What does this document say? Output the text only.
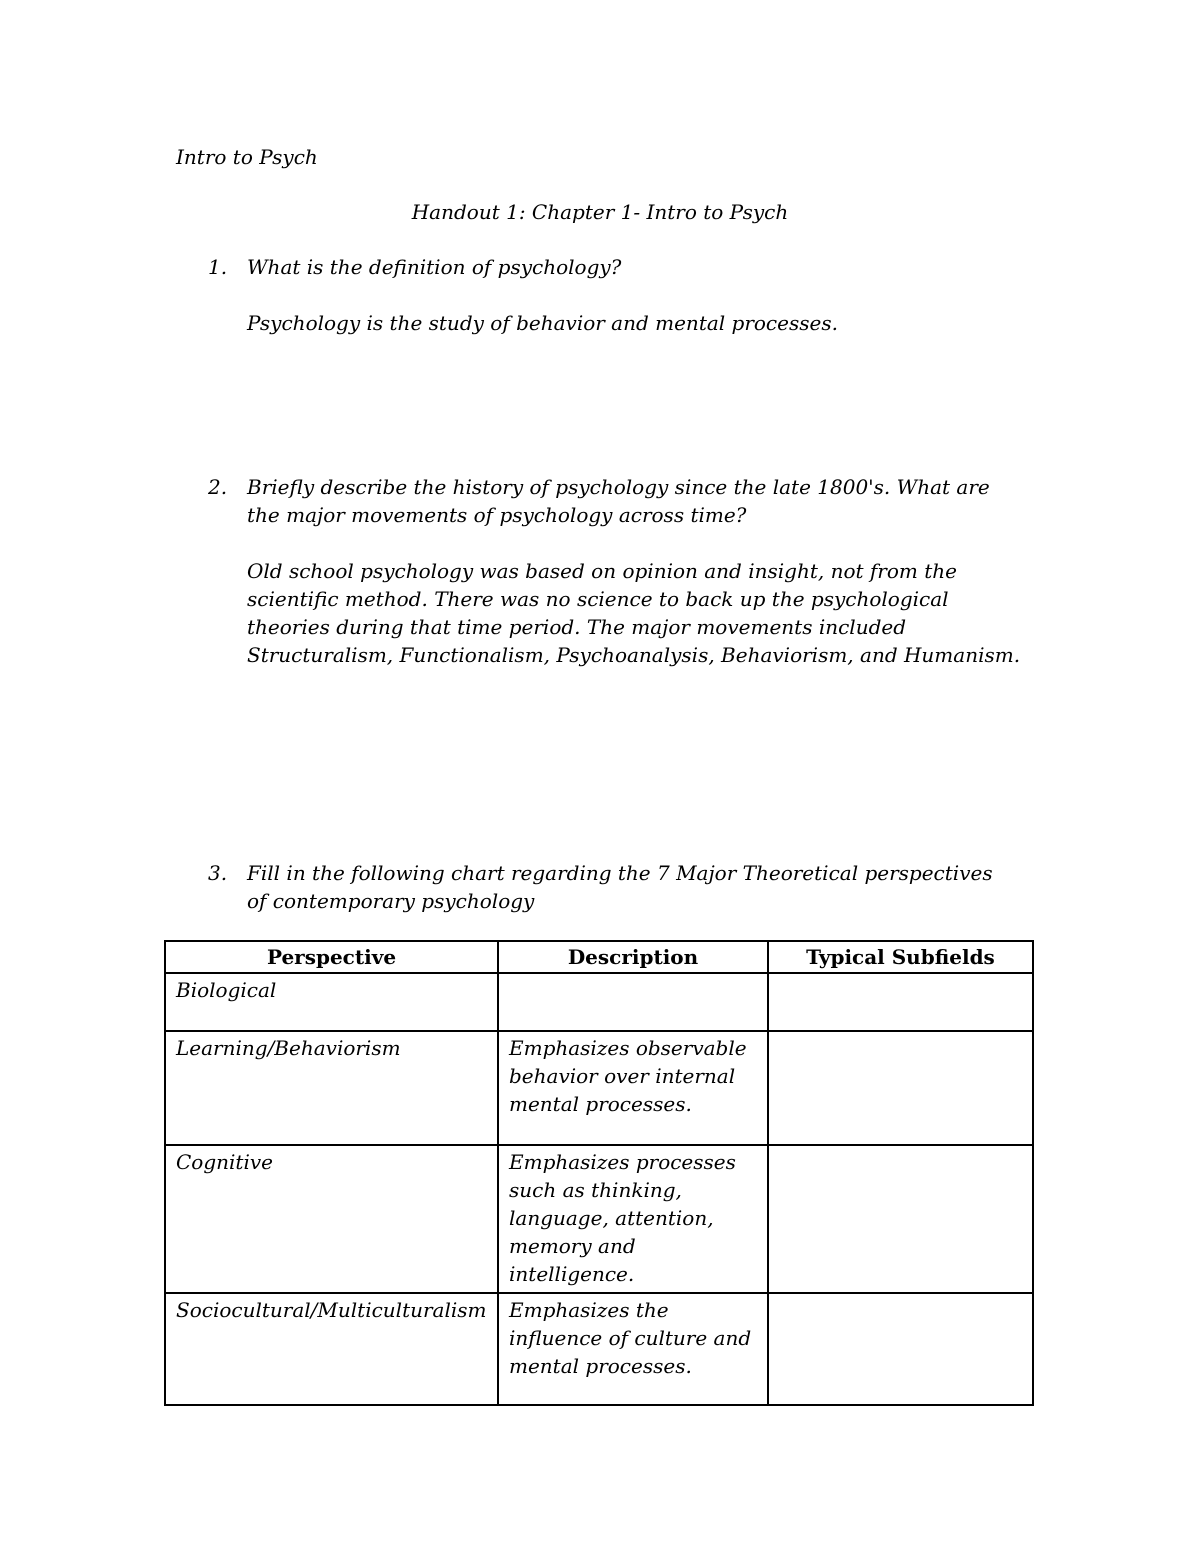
Intro to Psych
Handout 1: Chapter 1- Intro to Psych
1. What is the definition of psychology?
Psychology is the study of behavior and mental processes.
2. Briefly describe the history of psychology since the late 1800's. What are the major movements of psychology across time?
Old school psychology was based on opinion and insight, not from the scientific method. There was no science to back up the psychological theories during that time period. The major movements included Structuralism, Functionalism, Psychoanalysis, Behaviorism, and Humanism.
3. Fill in the following chart regarding the 7 Major Theoretical perspectives of contemporary psychology
Perspective	Description	Typical Subfields
Biological		
Learning/Behaviorism	Emphasizes observable behavior over internal mental processes.	
Cognitive	Emphasizes processes such as thinking, language, attention, memory and intelligence.	
Sociocultural/Multiculturalism	Emphasizes the influence of culture and mental processes.	
